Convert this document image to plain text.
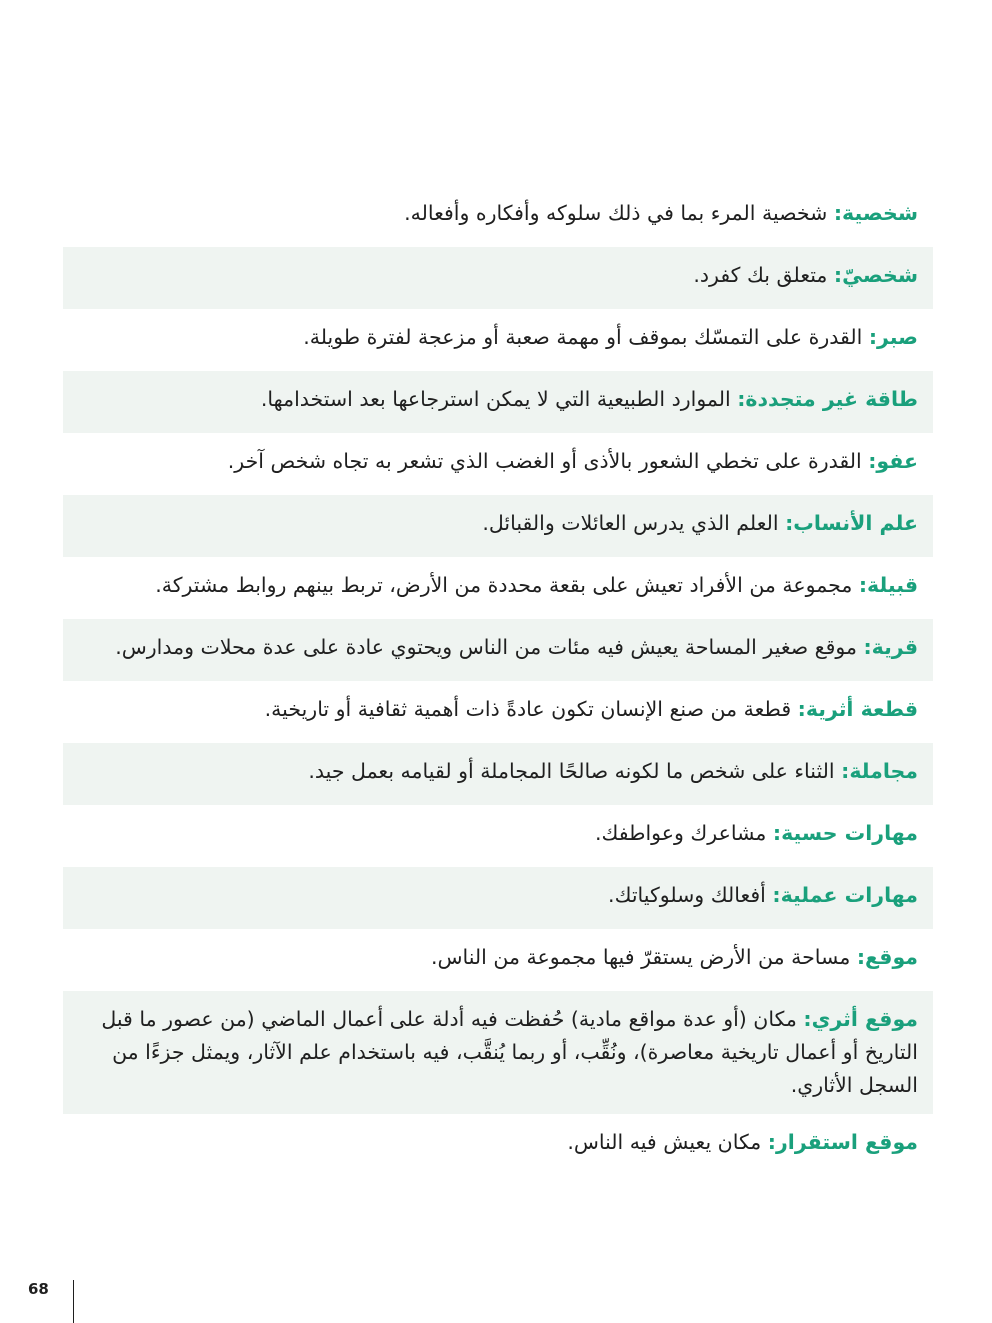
شخصية: شخصية المرء بما في ذلك سلوكه وأفكاره وأفعاله.
شخصيّ: متعلق بك كفرد.
صبر: القدرة على التمسّك بموقف أو مهمة صعبة أو مزعجة لفترة طويلة.
طاقة غير متجددة: الموارد الطبيعية التي لا يمكن استرجاعها بعد استخدامها.
عفو: القدرة على تخطي الشعور بالأذى أو الغضب الذي تشعر به تجاه شخص آخر.
علم الأنساب: العلم الذي يدرس العائلات والقبائل.
قبيلة: مجموعة من الأفراد تعيش على بقعة محددة من الأرض، تربط بينهم روابط مشتركة.
قرية: موقع صغير المساحة يعيش فيه مئات من الناس ويحتوي عادة على عدة محلات ومدارس.
قطعة أثرية: قطعة من صنع الإنسان تكون عادةً ذات أهمية ثقافية أو تاريخية.
مجاملة: الثناء على شخص ما لكونه صالحًا المجاملة أو لقيامه بعمل جيد.
مهارات حسية: مشاعرك وعواطفك.
مهارات عملية: أفعالك وسلوكياتك.
موقع: مساحة من الأرض يستقرّ فيها مجموعة من الناس.
موقع أثري: مكان (أو عدة مواقع مادية) حُفظت فيه أدلة على أعمال الماضي (من عصور ما قبل التاريخ أو أعمال تاريخية معاصرة)، ونُقِّب، أو ربما يُنقَّب، فيه باستخدام علم الآثار، ويمثل جزءًا من السجل الأثاري.
موقع استقرار: مكان يعيش فيه الناس.
68
